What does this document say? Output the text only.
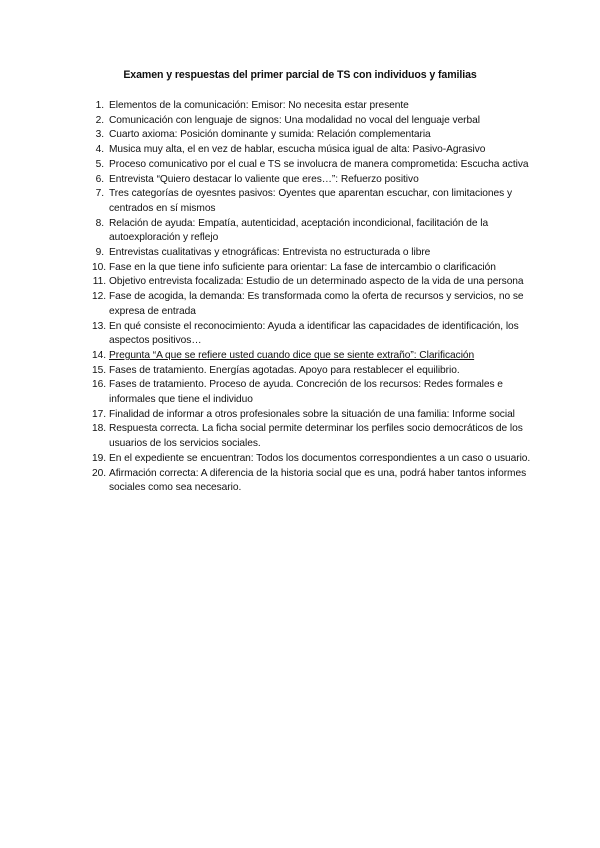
Examen y respuestas del primer parcial de TS con individuos y familias
1. Elementos de la comunicación: Emisor: No necesita estar presente
2. Comunicación con lenguaje de signos: Una modalidad no vocal del lenguaje verbal
3. Cuarto axioma: Posición dominante y sumida: Relación complementaria
4. Musica muy alta, el en vez de hablar, escucha música igual de alta: Pasivo-Agrasivo
5. Proceso comunicativo por el cual e TS se involucra de manera comprometida: Escucha activa
6. Entrevista “Quiero destacar lo valiente que eres…”: Refuerzo positivo
7. Tres categorías de oyesntes pasivos: Oyentes que aparentan escuchar, con limitaciones y centrados en sí mismos
8. Relación de ayuda: Empatía, autenticidad, aceptación incondicional, facilitación de la autoexploración y reflejo
9. Entrevistas cualitativas y etnográficas: Entrevista no estructurada o libre
10. Fase en la que tiene info suficiente para orientar: La fase de intercambio o clarificación
11. Objetivo entrevista focalizada: Estudio de un determinado aspecto de la vida de una persona
12. Fase de acogida, la demanda: Es transformada como la oferta de recursos y servicios, no se expresa de entrada
13. En qué consiste el reconocimiento: Ayuda a identificar las capacidades de identificación, los aspectos positivos…
14. Pregunta “A que se refiere usted cuando dice que se siente extraño”: Clarificación
15. Fases de tratamiento. Energías agotadas. Apoyo para restablecer el equilibrio.
16. Fases de tratamiento. Proceso de ayuda. Concreción de los recursos: Redes formales e informales que tiene el individuo
17. Finalidad de informar a otros profesionales sobre la situación de una familia: Informe social
18. Respuesta correcta. La ficha social permite determinar los perfiles socio democráticos de los usuarios de los servicios sociales.
19. En el expediente se encuentran: Todos los documentos correspondientes a un caso o usuario.
20. Afirmación correcta: A diferencia de la historia social que es una, podrá haber tantos informes sociales como sea necesario.
